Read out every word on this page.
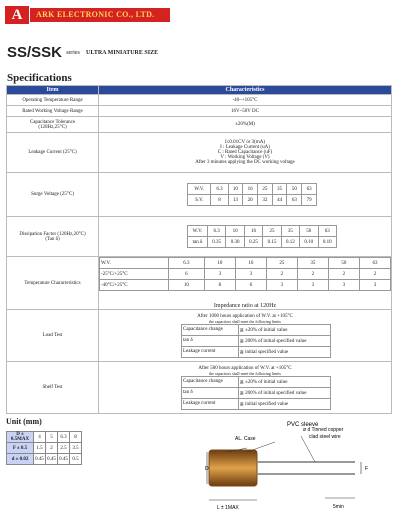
A	ARK ELECTRONIC CO., LTD.
SS/SSK series ULTRA MINIATURE SIZE
Specifications
Item	Characteristics
Operating Temperature Range	-40~+105°C
Rated Working Voltage Range	16V~50V DC

Capacitance Tolerance
(120Hz,25°C)	±20%(M)
Leakage Current (25°C)	
I≤0.01CV or 3(mA)
I : Leakage Current (uA)
C : Rated Capacitance (uF)
V : Working Voltage (V)
After 3 minutes applying the DC working voltage

Surge Voltage (25°C)	
W.V.	6.3	10	16	25	35	50	63
S.V.	8	13	20	32	44	63	79

Dissipation Factor (120Hz,20°C)
(Tan δ)

W.V.	6.3	10	16	25	35	50	63
tan δ	0.35	0.30	0.25	0.15	0.12	0.10	0.10

Temperature Characteristics	
W.V.	6.3	10	16	25	35	50	63
-25°C/+25°C	6	3	3	2	2	2	2
-40°C/+25°C	10	8	6	3	3	3	3
Impedance ratio at 120Hz

Load Test	
After 1000 hours application of W.V. at +105°C
the capacitors shall meet the following limits
Capacitance change	≦ ±20% of initial value
tan δ	≦ 200% of initial specified value
Leakage current	≦ initial specified value

Shelf Test	
After 500 hours application of W.V. at +105°C
the capacitors shall meet the following limits
Capacitance change	≦ ±20% of initial value
tan δ	≦ 200% of initial specified value
Leakage current	≦ initial specified value
Unit (mm)
D ± 0.5MAX	4	5	6.3	8
F ± 0.5	1.5	2	2.5	3.5
d ± 0.02	0.45	0.45	0.45	0.5
PVC sleeve
AL. Case
ø d Tinned copper
clad steel wire
L ± 1MAX	5min
D	F
